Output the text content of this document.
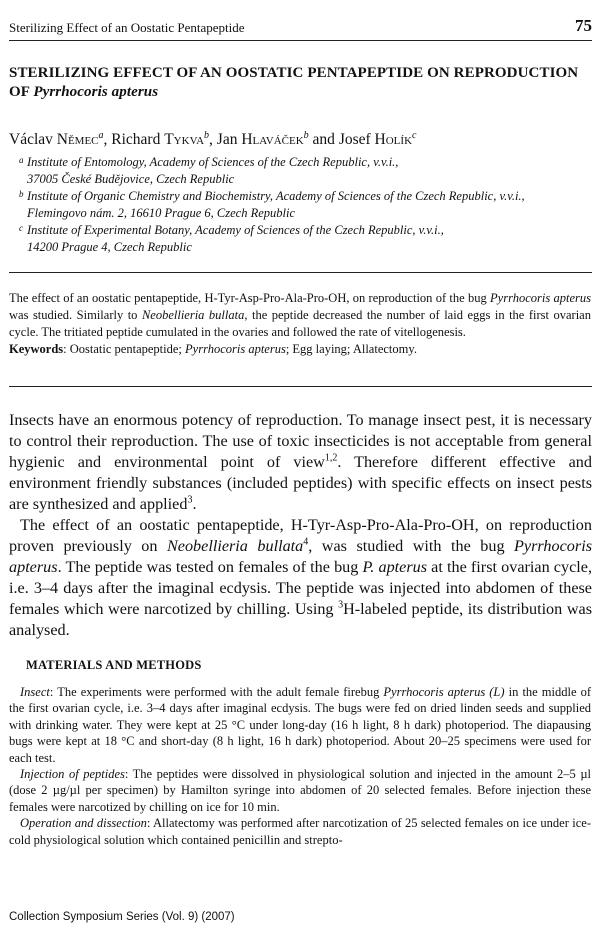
Sterilizing Effect of an Oostatic Pentapeptide	75
STERILIZING EFFECT OF AN OOSTATIC PENTAPEPTIDE ON REPRODUCTION OF Pyrrhocoris apterus
Václav Němec$^a$, Richard Tykva$^b$, Jan Hlaváček$^b$ and Josef Holík$^c$

a Institute of Entomology, Academy of Sciences of the Czech Republic, v.v.i.,
37005 České Budějovice, Czech Republic

b Institute of Organic Chemistry and Biochemistry, Academy of Sciences of the Czech Republic, v.v.i.,
Flemingovo nám. 2, 16610 Prague 6, Czech Republic

c Institute of Experimental Botany, Academy of Sciences of the Czech Republic, v.v.i.,
14200 Prague 4, Czech Republic

The effect of an oostatic pentapeptide, H-Tyr-Asp-Pro-Ala-Pro-OH, on reproduction of the bug Pyrrhocoris apterus was studied. Similarly to Neobellieria bullata, the peptide decreased the number of laid eggs in the first ovarian cycle. The tritiated peptide cumulated in the ovaries and followed the rate of vitellogenesis.
Keywords: Oostatic pentapeptide; Pyrrhocoris apterus; Egg laying; Allatectomy.

Insects have an enormous potency of reproduction. To manage insect pest, it is necessary to control their reproduction. The use of toxic insecticides is not acceptable from general hygienic and environmental point of view$^{1,2}$. Therefore different effective and environment friendly substances (included peptides) with specific effects on insect pests are synthesized and applied$^3$.

The effect of an oostatic pentapeptide, H-Tyr-Asp-Pro-Ala-Pro-OH, on reproduction proven previously on Neobellieria bullata$^4$, was studied with the bug Pyrrhocoris apterus. The peptide was tested on females of the bug P. apterus at the first ovarian cycle, i.e. 3–4 days after the imaginal ecdysis. The peptide was injected into abdomen of these females which were narcotized by chilling. Using $^3$H-labeled peptide, its distribution was analysed.

MATERIALS AND METHODS

Insect: The experiments were performed with the adult female firebug Pyrrhocoris apterus (L) in the middle of the first ovarian cycle, i.e. 3–4 days after imaginal ecdysis. The bugs were fed on dried linden seeds and supplied with drinking water. They were kept at 25 °C under long-day (16 h light, 8 h dark) photoperiod. The diapausing bugs were kept at 18 °C and short-day (8 h light, 16 h dark) photoperiod. About 20–25 specimens were used for each test.

Injection of peptides: The peptides were dissolved in physiological solution and injected in the amount 2–5 µl (dose 2 µg/µl per specimen) by Hamilton syringe into abdomen of 20 selected females. Before injection these females were narcotized by chilling on ice for 10 min.

Operation and dissection: Allatectomy was performed after narcotization of 25 selected females on ice under ice-cold physiological solution which contained penicillin and strepto-

Collection Symposium Series (Vol. 9) (2007)
